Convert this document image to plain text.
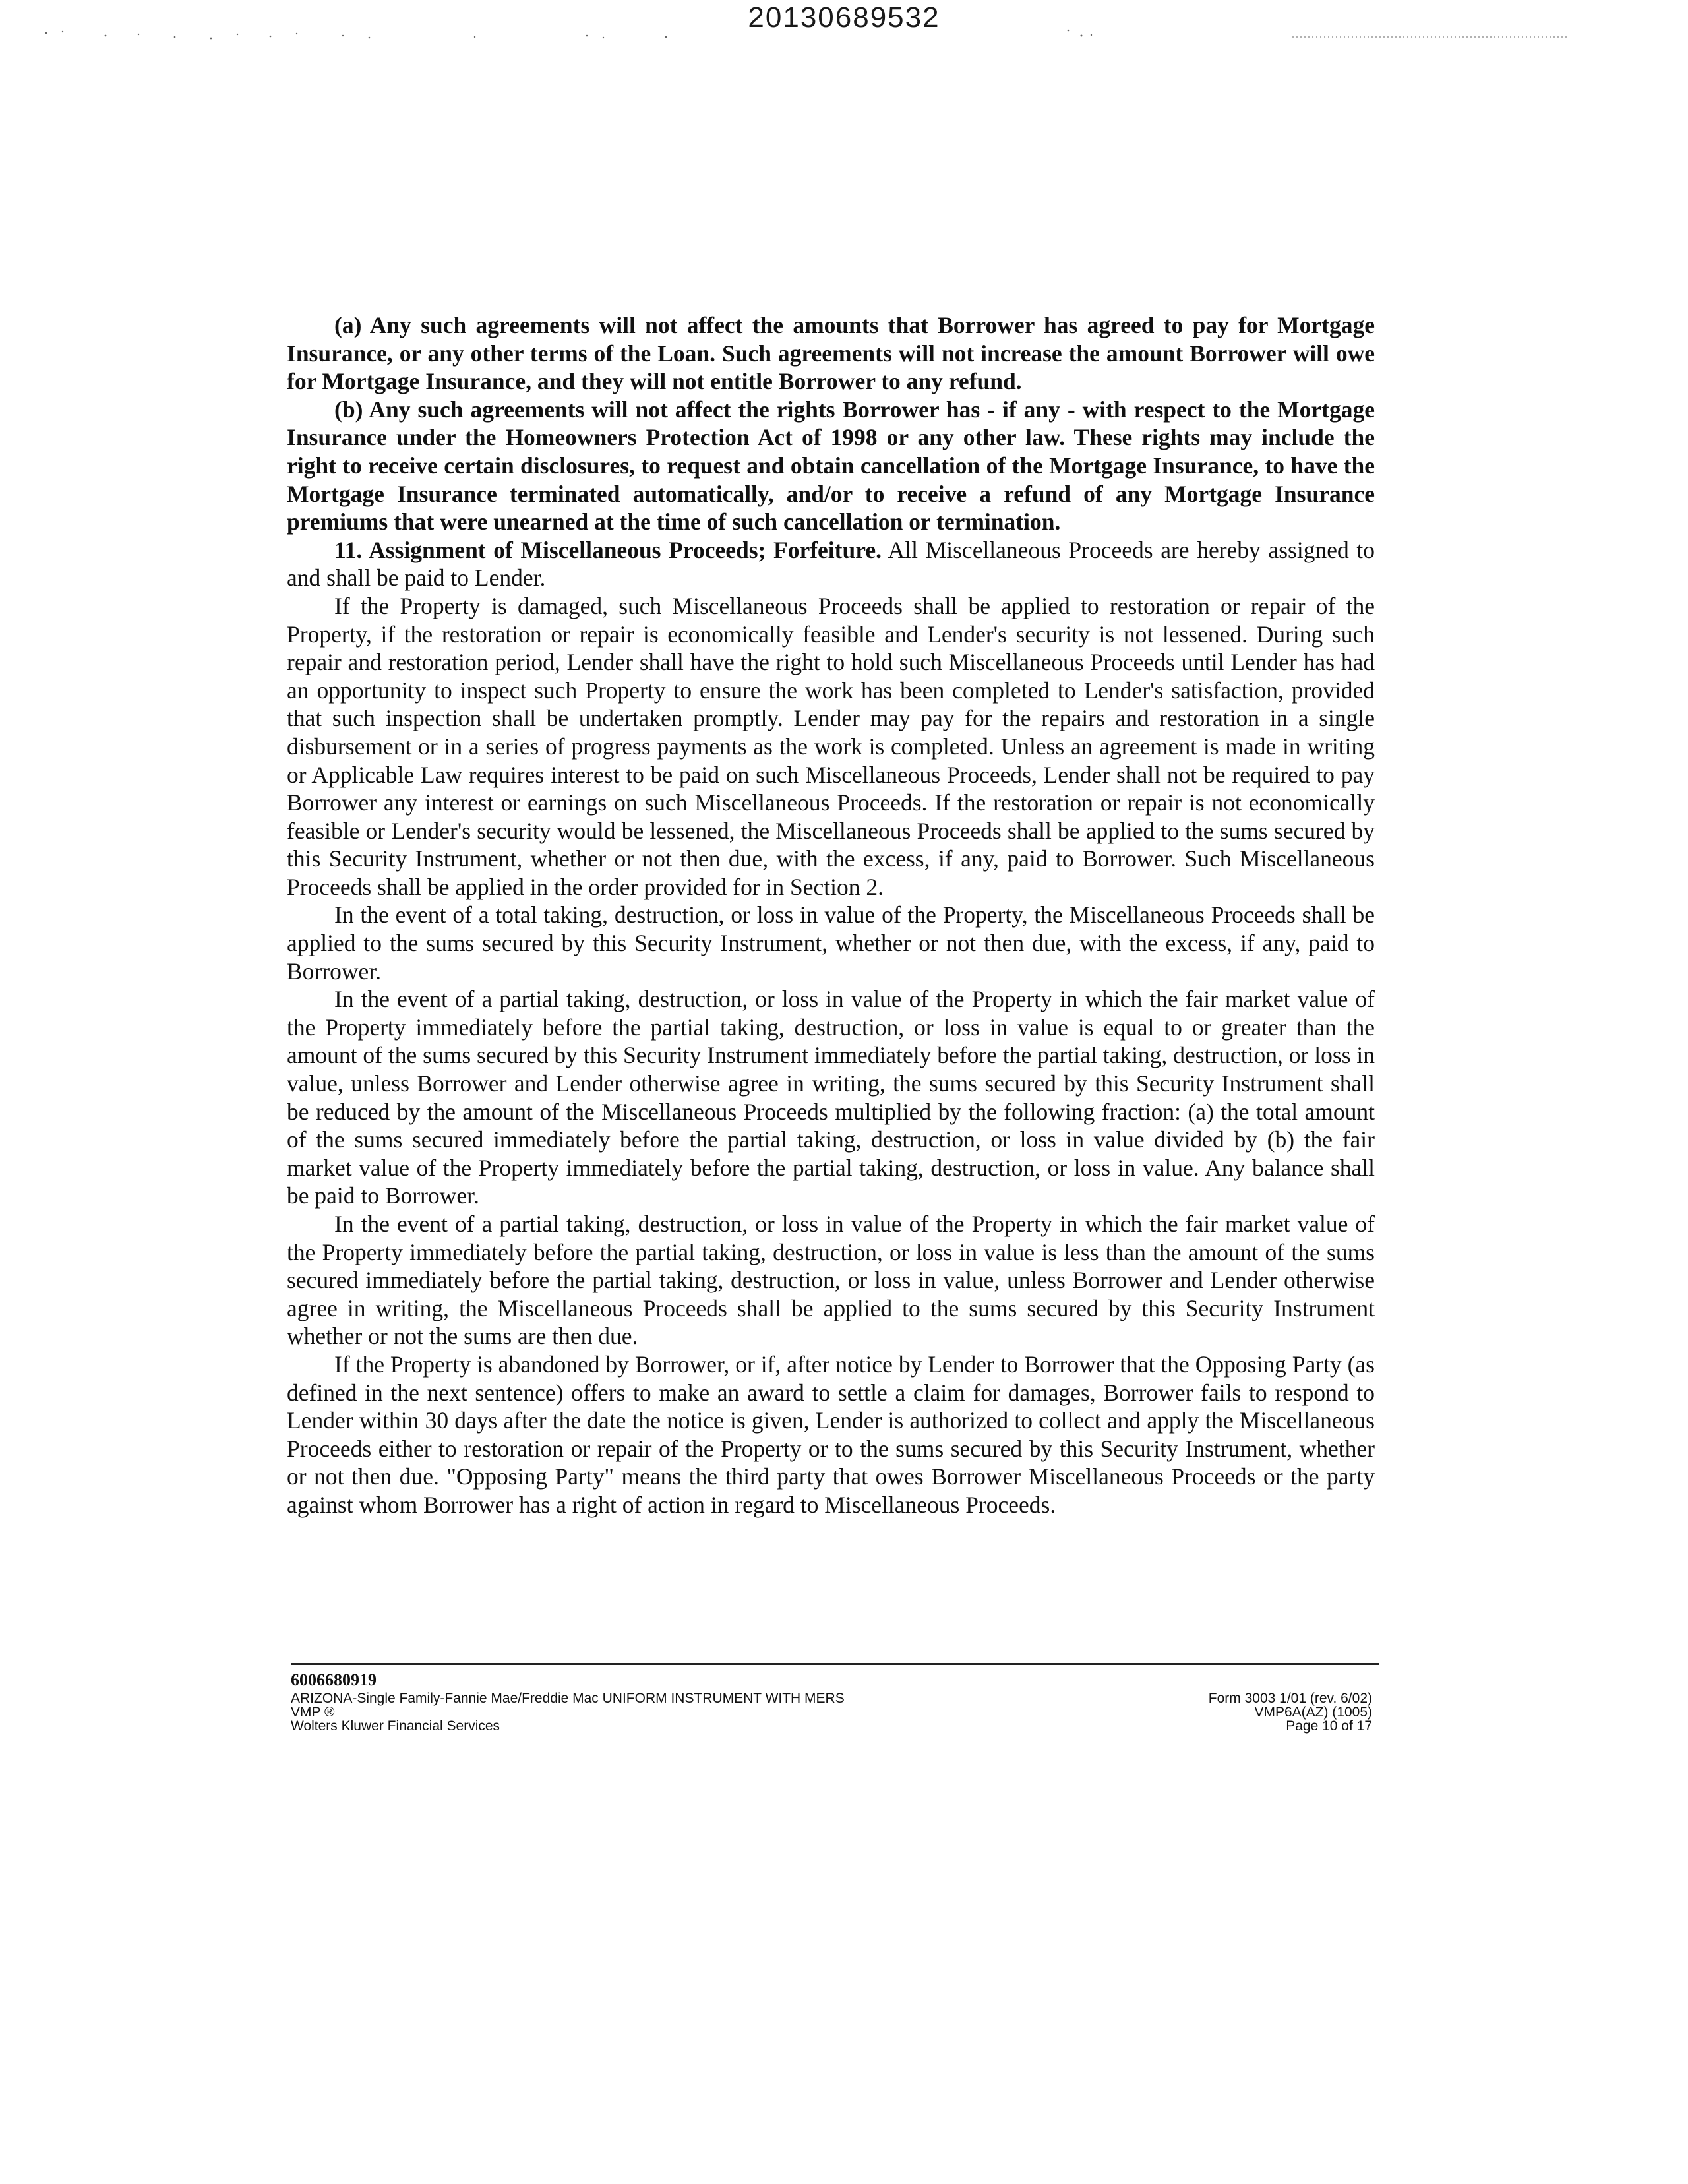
20130689532

(a) Any such agreements will not affect the amounts that Borrower has agreed to pay for Mortgage Insurance, or any other terms of the Loan. Such agreements will not increase the amount Borrower will owe for Mortgage Insurance, and they will not entitle Borrower to any refund.

(b) Any such agreements will not affect the rights Borrower has - if any - with respect to the Mortgage Insurance under the Homeowners Protection Act of 1998 or any other law. These rights may include the right to receive certain disclosures, to request and obtain cancellation of the Mortgage Insurance, to have the Mortgage Insurance terminated automatically, and/or to receive a refund of any Mortgage Insurance premiums that were unearned at the time of such cancellation or termination.

11. Assignment of Miscellaneous Proceeds; Forfeiture. All Miscellaneous Proceeds are hereby assigned to and shall be paid to Lender.

If the Property is damaged, such Miscellaneous Proceeds shall be applied to restoration or repair of the Property, if the restoration or repair is economically feasible and Lender's security is not lessened. During such repair and restoration period, Lender shall have the right to hold such Miscellaneous Proceeds until Lender has had an opportunity to inspect such Property to ensure the work has been completed to Lender's satisfaction, provided that such inspection shall be undertaken promptly. Lender may pay for the repairs and restoration in a single disbursement or in a series of progress payments as the work is completed. Unless an agreement is made in writing or Applicable Law requires interest to be paid on such Miscellaneous Proceeds, Lender shall not be required to pay Borrower any interest or earnings on such Miscellaneous Proceeds. If the restoration or repair is not economically feasible or Lender's security would be lessened, the Miscellaneous Proceeds shall be applied to the sums secured by this Security Instrument, whether or not then due, with the excess, if any, paid to Borrower. Such Miscellaneous Proceeds shall be applied in the order provided for in Section 2.

In the event of a total taking, destruction, or loss in value of the Property, the Miscellaneous Proceeds shall be applied to the sums secured by this Security Instrument, whether or not then due, with the excess, if any, paid to Borrower.

In the event of a partial taking, destruction, or loss in value of the Property in which the fair market value of the Property immediately before the partial taking, destruction, or loss in value is equal to or greater than the amount of the sums secured by this Security Instrument immediately before the partial taking, destruction, or loss in value, unless Borrower and Lender otherwise agree in writing, the sums secured by this Security Instrument shall be reduced by the amount of the Miscellaneous Proceeds multiplied by the following fraction: (a) the total amount of the sums secured immediately before the partial taking, destruction, or loss in value divided by (b) the fair market value of the Property immediately before the partial taking, destruction, or loss in value. Any balance shall be paid to Borrower.

In the event of a partial taking, destruction, or loss in value of the Property in which the fair market value of the Property immediately before the partial taking, destruction, or loss in value is less than the amount of the sums secured immediately before the partial taking, destruction, or loss in value, unless Borrower and Lender otherwise agree in writing, the Miscellaneous Proceeds shall be applied to the sums secured by this Security Instrument whether or not the sums are then due.

If the Property is abandoned by Borrower, or if, after notice by Lender to Borrower that the Opposing Party (as defined in the next sentence) offers to make an award to settle a claim for damages, Borrower fails to respond to Lender within 30 days after the date the notice is given, Lender is authorized to collect and apply the Miscellaneous Proceeds either to restoration or repair of the Property or to the sums secured by this Security Instrument, whether or not then due. "Opposing Party" means the third party that owes Borrower Miscellaneous Proceeds or the party against whom Borrower has a right of action in regard to Miscellaneous Proceeds.

6006680919
ARIZONA-Single Family-Fannie Mae/Freddie Mac UNIFORM INSTRUMENT WITH MERS
VMP ®
Wolters Kluwer Financial Services
Form 3003 1/01 (rev. 6/02)
VMP6A(AZ) (1005)
Page 10 of 17
